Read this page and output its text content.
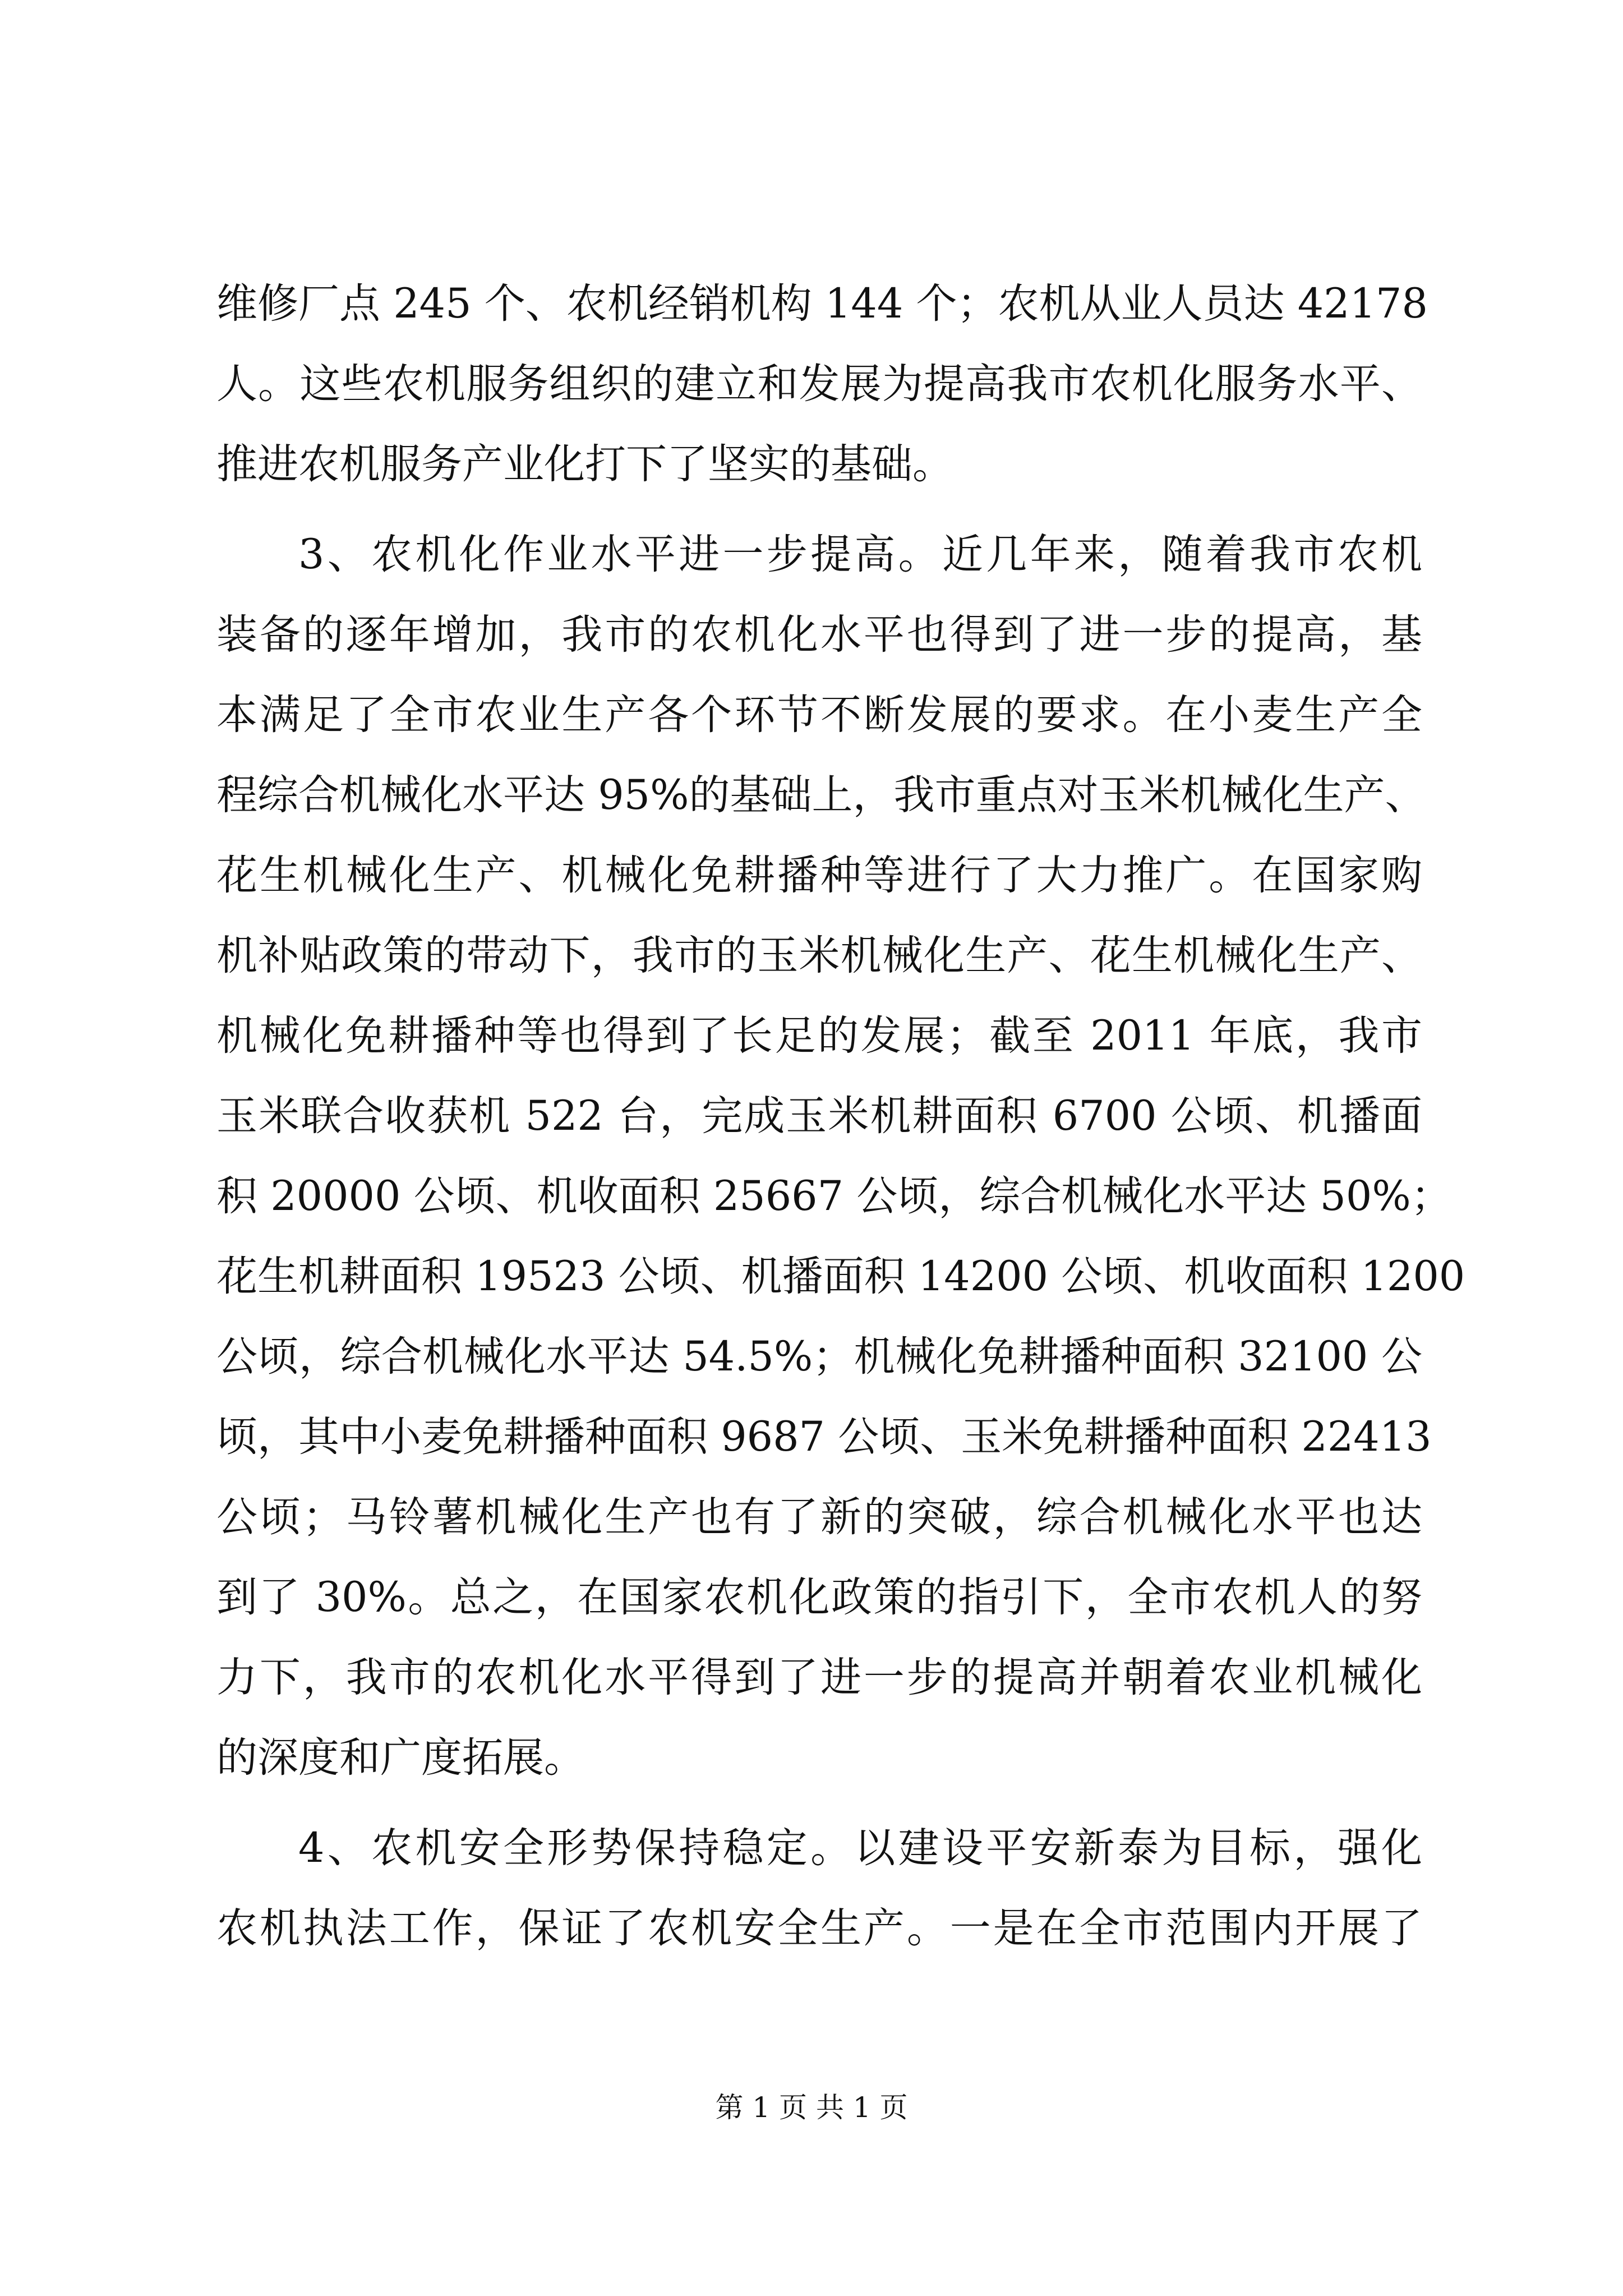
维修厂点 245 个、农机经销机构 144 个；农机从业人员达 42178
人。这些农机服务组织的建立和发展为提高我市农机化服务水平、
推进农机服务产业化打下了坚实的基础。
3、农机化作业水平进一步提高。近几年来，随着我市农机
装备的逐年增加，我市的农机化水平也得到了进一步的提高，基
本满足了全市农业生产各个环节不断发展的要求。在小麦生产全
程综合机械化水平达 95%的基础上，我市重点对玉米机械化生产、
花生机械化生产、机械化免耕播种等进行了大力推广。在国家购
机补贴政策的带动下，我市的玉米机械化生产、花生机械化生产、
机械化免耕播种等也得到了长足的发展；截至 2011 年底，我市
玉米联合收获机 522 台，完成玉米机耕面积 6700 公顷、机播面
积 20000 公顷、机收面积 25667 公顷，综合机械化水平达 50%；
花生机耕面积 19523 公顷、机播面积 14200 公顷、机收面积 1200
公顷，综合机械化水平达 54.5%；机械化免耕播种面积 32100 公
顷，其中小麦免耕播种面积 9687 公顷、玉米免耕播种面积 22413
公顷；马铃薯机械化生产也有了新的突破，综合机械化水平也达
到了 30%。总之，在国家农机化政策的指引下，全市农机人的努
力下，我市的农机化水平得到了进一步的提高并朝着农业机械化
的深度和广度拓展。
4、农机安全形势保持稳定。以建设平安新泰为目标，强化
农机执法工作，保证了农机安全生产。一是在全市范围内开展了
第 1 页 共 1 页
